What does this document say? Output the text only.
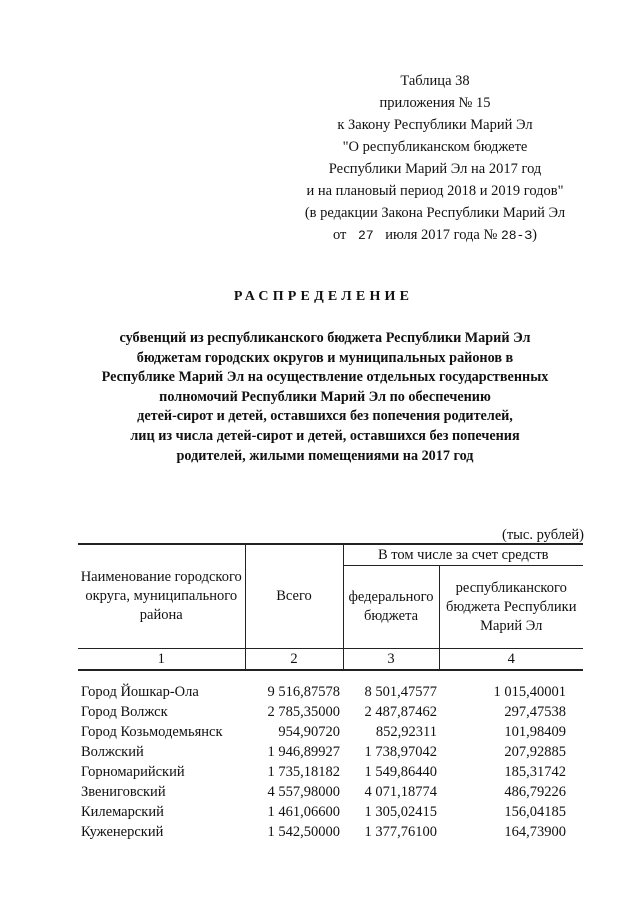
Таблица 38
приложения № 15
к Закону Республики Марий Эл
"О республиканском бюджете
Республики Марий Эл на 2017 год
и на плановый период 2018 и 2019 годов"
(в редакции Закона Республики Марий Эл
от 27 июля 2017 года № 28-З)
РАСПРЕДЕЛЕНИЕ
субвенций из республиканского бюджета Республики Марий Эл
бюджетам городских округов и муниципальных районов в
Республике Марий Эл на осуществление отдельных государственных
полномочий Республики Марий Эл по обеспечению
детей-сирот и детей, оставшихся без попечения родителей,
лиц из числа детей-сирот и детей, оставшихся без попечения
родителей, жилыми помещениями на 2017 год
(тыс. рублей)
Наименование городского округа, муниципального района	Всего	В том числе за счет средств	
		федерального бюджета	республиканского бюджета Республики Марий Эл
1	2	3	4

Город Йошкар-Ола	9 516,87578	8 501,47577	1 015,40001
Город Волжск	2 785,35000	2 487,87462	297,47538
Город Козьмодемьянск	954,90720	852,92311	101,98409
Волжский	1 946,89927	1 738,97042	207,92885
Горномарийский	1 735,18182	1 549,86440	185,31742
Звениговский	4 557,98000	4 071,18774	486,79226
Килемарский	1 461,06600	1 305,02415	156,04185
Куженерский	1 542,50000	1 377,76100	164,73900
